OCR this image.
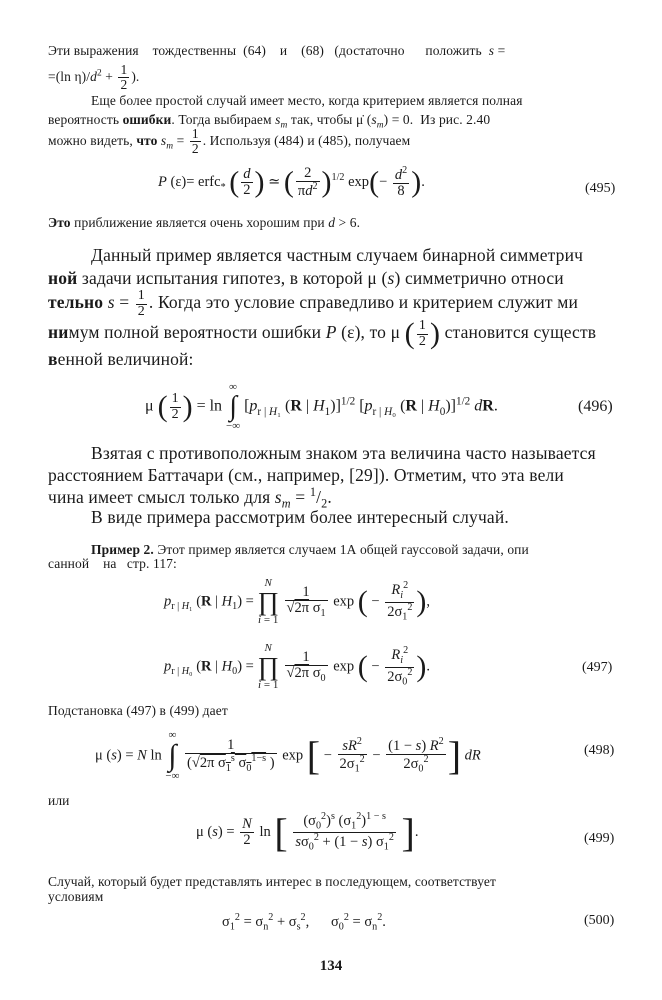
Эти выражения    тождественны  (64)    и    (68)   (достаточно      положить  s =
=(ln $\eta)/d^2 + \frac{1}{2}$ ).
Еще более простой случай имеет место, когда критерием является полная
вероятность ошибки. Тогда выбираем $s_m$ так, чтобы μ̇ $(s_m) = 0$.  Из рис. 2.40
можно видеть, что $s_m = \frac{1}{2}$ . Используя (484) и (485), получаем
P (ε)= erfc$_*$ ( $\frac{d}{2}$ ) ≃ ( $\frac{2}{\pi d^2} )^{1/2}$ $\exp(- \frac{d^2}{8}$ ).	(495)
Это приближение является очень хорошим при d > 6.
Данный пример является частным случаем бинарной симметрич
ной задачи испытания гипотез, в которой μ (s) симметрично относи
тельно $s = \frac{1}{2}$ . Когда это условие справедливо и критерием служит ми
нимум полной вероятности ошибки P (ε), то μ ( $\frac{1}{2}$ ) становится существ
венной величиной:
μ ( $\frac{1}{2}$ ) = ln
∞
∫
−∞
[$p_{r | H_1}$ (R | $H_1)]^{1/2}$ [$p_{r | H_0}$ (R | $H_0)]^{1/2}$ dR.	(496)
Взятая с противоположным знаком эта величина часто называется
расстоянием Баттачари (см., например, [29]). Отметим, что эта вели
чина имеет смысл только для $s_m = ^1/_2$.
В виде примера рассмотрим более интересный случай.
Пример 2. Этот пример является случаем 1А общей гауссовой задачи, опи
санной    на   стр. 117:
$p_{r | H_1}$ (R | $H_1$) =
N
∏
i = 1

$\frac{1}{√2\pi \sigma_1}$ exp ( − $\frac{R_i^2}{2\sigma_1^2}$ ),
$p_{r | H_0}$ (R | $H_0$) =
N
∏
i = 1

$\frac{1}{√2\pi \sigma_0}$ exp ( − $\frac{R_i^2}{2\sigma_0^2}$ ).	(497)
Подстановка (497) в (499) дает
μ (s) = N ln
∞
∫
−∞

$\frac{1}{(√2\pi \sigma_1^s \sigma_0^{1-s} )}$ exp [ − $\frac{sR^2}{2\sigma_1^2} - \frac{(1 - s) R^2}{2\sigma_0^2}$ ] dR	(498)
или
μ $(s) = \frac{N}{2}$ ln [ $\frac{(\sigma_0^2)^s (\sigma_1^2)^{1 - s}}{s\sigma_0^2 + (1 - s) \sigma_1^2}$ ].	(499)
Случай, который будет представлять интерес в последующем, соответствует
условиям
$\sigma_1^2 = \sigma_n^2 + \sigma_s^2$,      $\sigma_0^2 = \sigma_n^2$.	(500)
134
